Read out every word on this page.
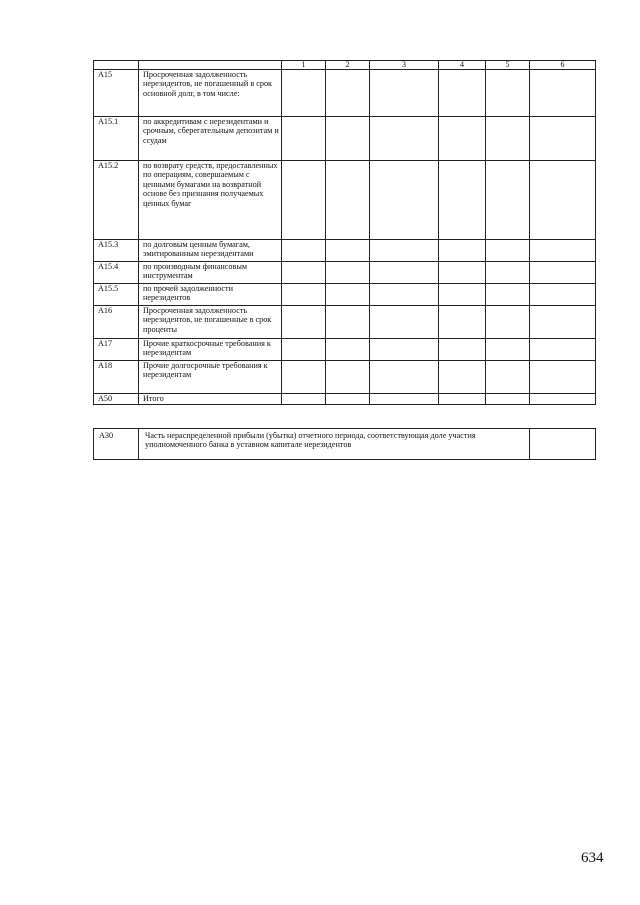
		1	2	3	4	5	6
А15	Просроченная задолженность нерезидентов, не погашенный в срок основной долг, в том числе:						
А15.1	по аккредитивам с нерезидентами и срочным, сберегательным депозитам и ссудам						
А15.2	по возврату средств, предоставленных по операциям, совершаемым с ценными бумагами на возвратной основе без признания получаемых ценных бумаг						
А15.3	по долговым ценным бумагам, эмитированным нерезидентами						
А15.4	по производным финансовым инструментам						
А15.5	по прочей задолженности нерезидентов						
А16	Просроченная задолженность нерезидентов, не погашенные в срок проценты						
А17	Прочие краткосрочные требования к нерезидентам						
А18	Прочие долгосрочные требования к нерезидентам						
А50	Итого						
А30	Часть нераспределенной прибыли (убытка) отчетного периода, соответствующая доле участия уполномоченного банка в уставном капитале нерезидентов	
634
